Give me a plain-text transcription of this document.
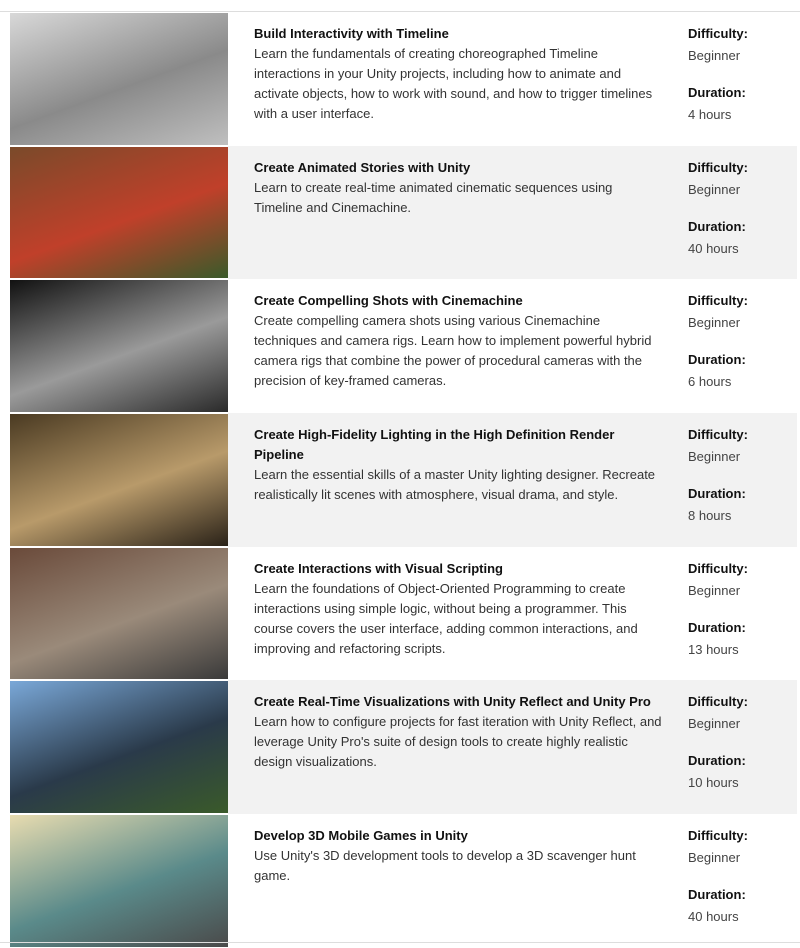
Build Interactivity with Timeline
Learn the fundamentals of creating choreographed Timeline interactions in your Unity projects, including how to animate and activate objects, how to work with sound, and how to trigger timelines with a user interface.
Difficulty:
Beginner
Duration:
4 hours
Create Animated Stories with Unity
Learn to create real-time animated cinematic sequences using Timeline and Cinemachine.
Difficulty:
Beginner
Duration:
40 hours
Create Compelling Shots with Cinemachine
Create compelling camera shots using various Cinemachine techniques and camera rigs. Learn how to implement powerful hybrid camera rigs that combine the power of procedural cameras with the precision of key-framed cameras.
Difficulty:
Beginner
Duration:
6 hours
Create High-Fidelity Lighting in the High Definition Render Pipeline
Learn the essential skills of a master Unity lighting designer. Recreate realistically lit scenes with atmosphere, visual drama, and style.
Difficulty:
Beginner
Duration:
8 hours
Create Interactions with Visual Scripting
Learn the foundations of Object-Oriented Programming to create interactions using simple logic, without being a programmer. This course covers the user interface, adding common interactions, and improving and refactoring scripts.
Difficulty:
Beginner
Duration:
13 hours
Create Real-Time Visualizations with Unity Reflect and Unity Pro
Learn how to configure projects for fast iteration with Unity Reflect, and leverage Unity Pro's suite of design tools to create highly realistic design visualizations.
Difficulty:
Beginner
Duration:
10 hours
Develop 3D Mobile Games in Unity
Use Unity's 3D development tools to develop a 3D scavenger hunt game.
Difficulty:
Beginner
Duration:
40 hours
